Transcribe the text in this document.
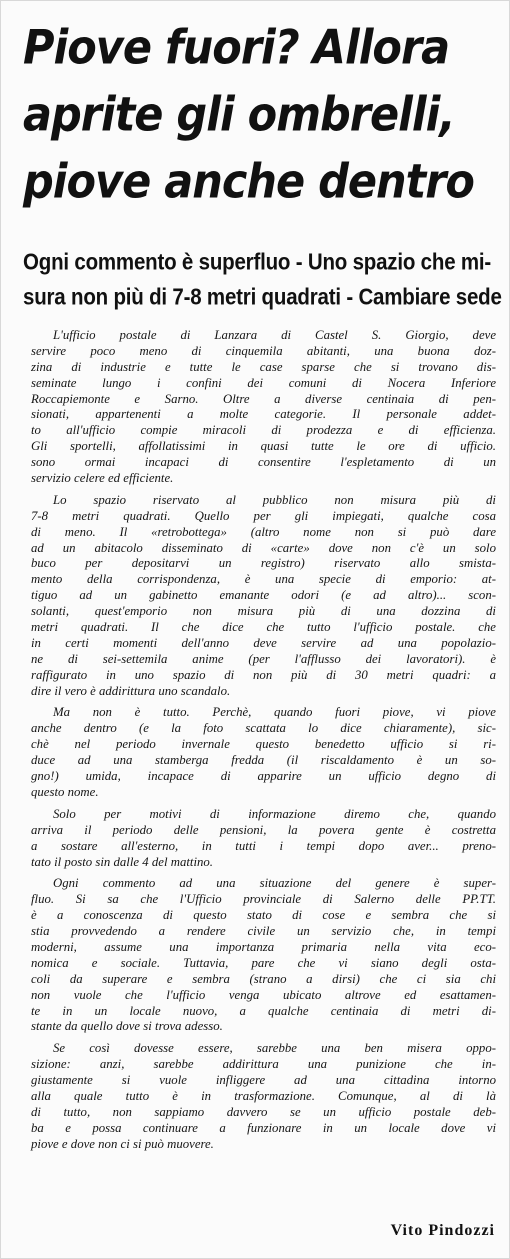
Piove fuori? Allora
aprite gli ombrelli,
piove anche dentro
Ogni commento è superfluo - Uno spazio che mi-
sura non più di 7-8 metri quadrati - Cambiare sede
L'ufficio postale di Lanzara di Castel S. Giorgio, deve
servire poco meno di cinquemila abitanti, una buona doz-
zina di industrie e tutte le case sparse che si trovano dis-
seminate lungo i confini dei comuni di Nocera Inferiore
Roccapiemonte e Sarno. Oltre a diverse centinaia di pen-
sionati, appartenenti a molte categorie. Il personale addet-
to all'ufficio compie miracoli di prodezza e di efficienza.
Gli sportelli, affollatissimi in quasi tutte le ore di ufficio.
sono ormai incapaci di consentire l'espletamento di un
servizio celere ed efficiente.
Lo spazio riservato al pubblico non misura più di
7-8 metri quadrati. Quello per gli impiegati, qualche cosa
di meno. Il «retrobottega» (altro nome non si può dare
ad un abitacolo disseminato di «carte» dove non c'è un solo
buco per depositarvi un registro) riservato allo smista-
mento della corrispondenza, è una specie di emporio: at-
tiguo ad un gabinetto emanante odori (e ad altro)... scon-
solanti, quest'emporio non misura più di una dozzina di
metri quadrati. Il che dice che tutto l'ufficio postale. che
in certi momenti dell'anno deve servire ad una popolazio-
ne di sei-settemila anime (per l'afflusso dei lavoratori). è
raffigurato in uno spazio di non più di 30 metri quadri: a
dire il vero è addirittura uno scandalo.
Ma non è tutto. Perchè, quando fuori piove, vi piove
anche dentro (e la foto scattata lo dice chiaramente), sic-
chè nel periodo invernale questo benedetto ufficio si ri-
duce ad una stamberga fredda (il riscaldamento è un so-
gno!) umida, incapace di apparire un ufficio degno di
questo nome.
Solo per motivi di informazione diremo che, quando
arriva il periodo delle pensioni, la povera gente è costretta
a sostare all'esterno, in tutti i tempi dopo aver... preno-
tato il posto sin dalle 4 del mattino.
Ogni commento ad una situazione del genere è super-
fluo. Si sa che l'Ufficio provinciale di Salerno delle PP.TT.
è a conoscenza di questo stato di cose e sembra che si
stia provvedendo a rendere civile un servizio che, in tempi
moderni, assume una importanza primaria nella vita eco-
nomica e sociale. Tuttavia, pare che vi siano degli osta-
coli da superare e sembra (strano a dirsi) che ci sia chi
non vuole che l'ufficio venga ubicato altrove ed esattamen-
te in un locale nuovo, a qualche centinaia di metri di-
stante da quello dove si trova adesso.
Se così dovesse essere, sarebbe una ben misera oppo-
sizione: anzi, sarebbe addirittura una punizione che in-
giustamente si vuole infliggere ad una cittadina intorno
alla quale tutto è in trasformazione. Comunque, al di là
di tutto, non sappiamo davvero se un ufficio postale deb-
ba e possa continuare a funzionare in un locale dove vi
piove e dove non ci si può muovere.
Vito Pindozzi
